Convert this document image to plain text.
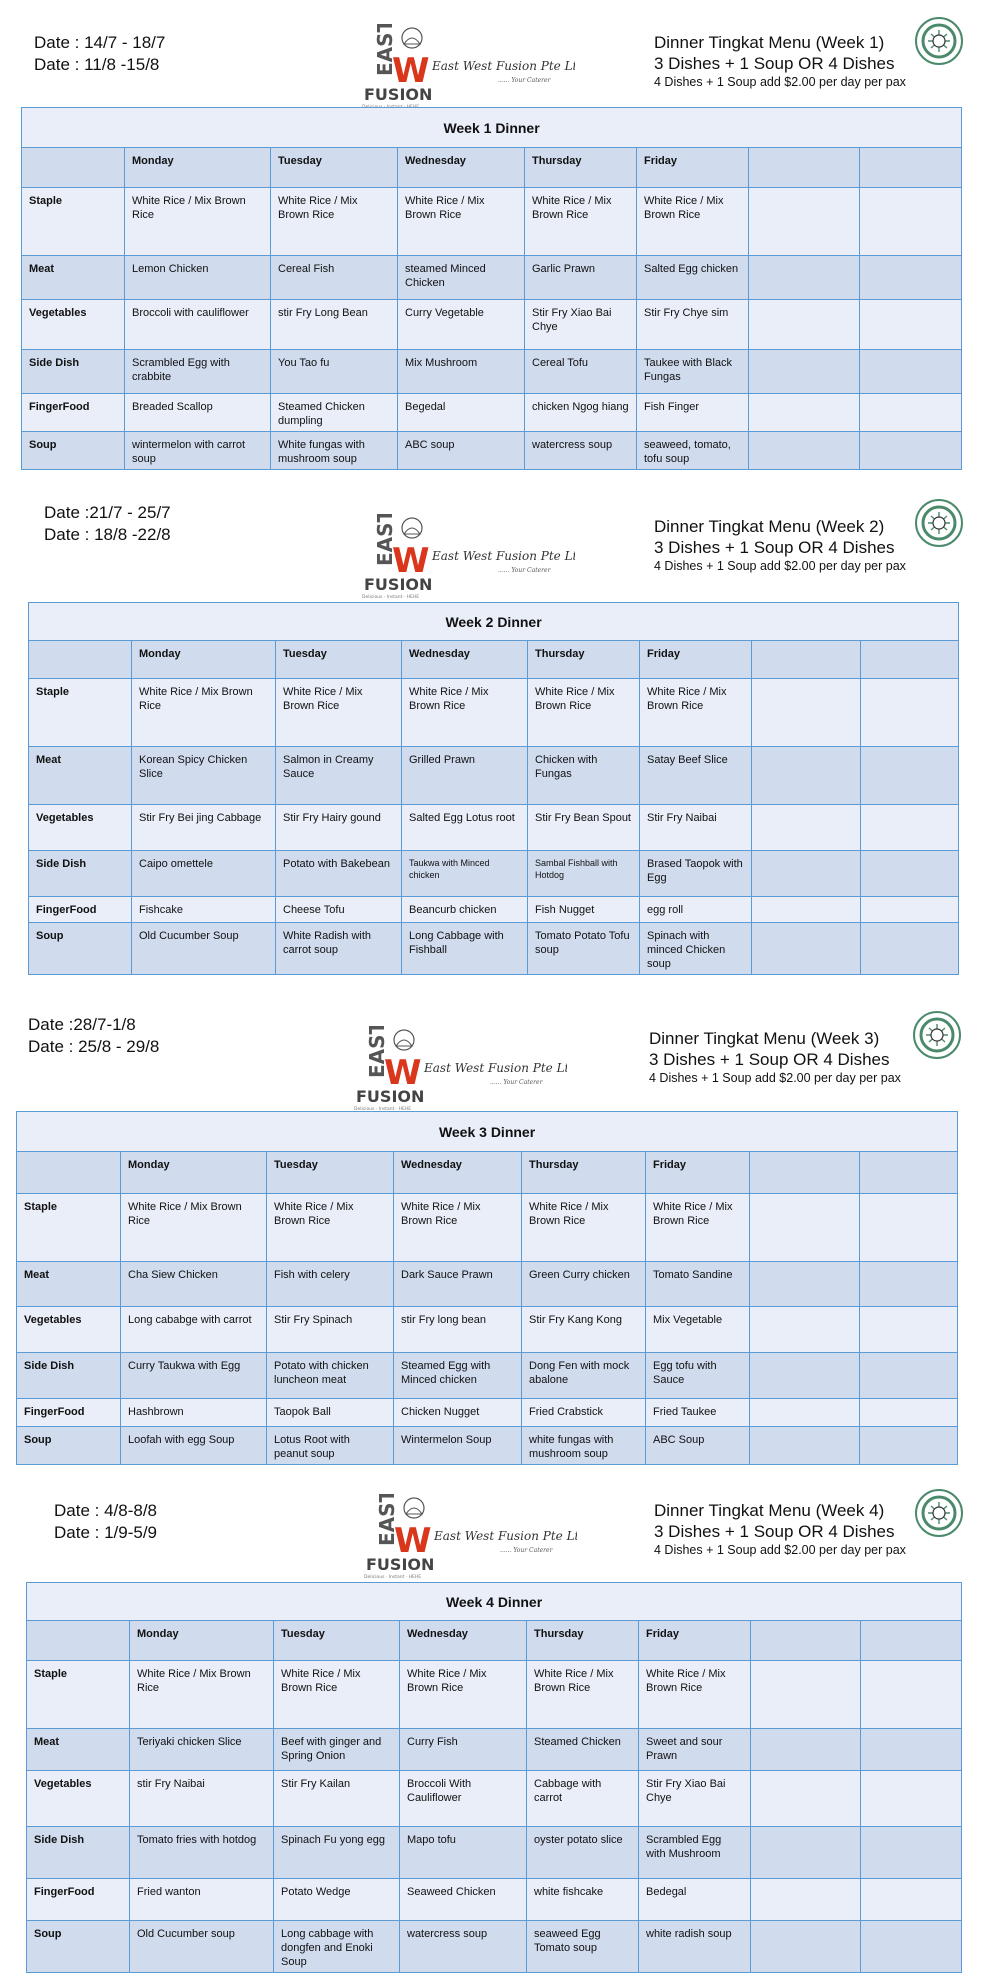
Date : 14/7 - 18/7
Date : 11/8 -15/8	EAST
W
FUSION
East West Fusion Pte Ltd
...... Your Caterer
Dinner Tingkat Menu (Week 1)
3 Dishes + 1 Soup OR 4 Dishes
4 Dishes + 1 Soup add $2.00 per day per pax
Week 1 Dinner							
	Monday	Tuesday	Wednesday	Thursday	Friday		
Staple	White Rice / Mix Brown Rice	White Rice / Mix Brown Rice	White Rice / Mix Brown Rice	White Rice / Mix Brown Rice	White Rice / Mix Brown Rice		
Meat	Lemon Chicken	Cereal Fish	steamed Minced Chicken	Garlic Prawn	Salted Egg chicken		
Vegetables	Broccoli with cauliflower	stir Fry Long Bean	Curry Vegetable	Stir Fry Xiao Bai Chye	Stir Fry Chye sim		
Side Dish	Scrambled Egg with crabbite	You Tao fu	Mix Mushroom	Cereal Tofu	Taukee with Black Fungas		
FingerFood	Breaded Scallop	Steamed Chicken dumpling	Begedal	chicken Ngog hiang	Fish Finger		
Soup	wintermelon with carrot soup	White fungas with mushroom soup	ABC soup	watercress soup	seaweed, tomato, tofu soup		
Date :21/7 - 25/7
Date : 18/8 -22/8	EAST
W
FUSION
East West Fusion Pte Ltd
...... Your Caterer
Delicious · Instant · HEHE
Dinner Tingkat Menu (Week 2)
3 Dishes + 1 Soup OR 4 Dishes
4 Dishes + 1 Soup add $2.00 per day per pax
Week 2 Dinner							
	Monday	Tuesday	Wednesday	Thursday	Friday		
Staple	White Rice / Mix Brown Rice	White Rice / Mix Brown Rice	White Rice / Mix Brown Rice	White Rice / Mix Brown Rice	White Rice / Mix Brown Rice		
Meat	Korean Spicy Chicken Slice	Salmon in Creamy Sauce	Grilled Prawn	Chicken with Fungas	Satay Beef Slice		
Vegetables	Stir Fry Bei jing Cabbage	Stir Fry Hairy gound	Salted Egg Lotus root	Stir Fry Bean Spout	Stir Fry Naibai		
Side Dish	Caipo omettele	Potato with Bakebean	Taukwa with Minced chicken	Sambal Fishball with Hotdog	Brased Taopok with Egg		
FingerFood	Fishcake	Cheese Tofu	Beancurb chicken	Fish Nugget	egg roll		
Soup	Old Cucumber Soup	White Radish with carrot soup	Long Cabbage with Fishball	Tomato Potato Tofu soup	Spinach with minced Chicken soup		
Date :28/7-1/8
Date : 25/8 - 29/8	EAST
W
FUSION
East West Fusion Pte Ltd
...... Your Caterer
Delicious · Instant · HEHE
Dinner Tingkat Menu (Week 3)
3 Dishes + 1 Soup OR 4 Dishes
4 Dishes + 1 Soup add $2.00 per day per pax
Week 3 Dinner							
	Monday	Tuesday	Wednesday	Thursday	Friday		
Staple	White Rice / Mix Brown Rice	White Rice / Mix Brown Rice	White Rice / Mix Brown Rice	White Rice / Mix Brown Rice	White Rice / Mix Brown Rice		
Meat	Cha Siew Chicken	Fish with celery	Dark Sauce Prawn	Green Curry chicken	Tomato Sandine		
Vegetables	Long cababge with carrot	Stir Fry Spinach	stir Fry long bean	Stir Fry Kang Kong	Mix Vegetable		
Side Dish	Curry Taukwa with Egg	Potato with chicken luncheon meat	Steamed Egg with Minced chicken	Dong Fen with mock abalone	Egg tofu with Sauce		
FingerFood	Hashbrown	Taopok Ball	Chicken Nugget	Fried Crabstick	Fried Taukee		
Soup	Loofah with egg Soup	Lotus Root with peanut soup	Wintermelon Soup	white fungas with mushroom soup	ABC Soup		
Date : 4/8-8/8
Date : 1/9-5/9	EAST
W
FUSION
East West Fusion Pte Ltd
...... Your Caterer
Delicious · Instant · HEHE
Dinner Tingkat Menu (Week 4)
3 Dishes + 1 Soup OR 4 Dishes
4 Dishes + 1 Soup add $2.00 per day per pax
Week 4 Dinner							
	Monday	Tuesday	Wednesday	Thursday	Friday		
Staple	White Rice / Mix Brown Rice	White Rice / Mix Brown Rice	White Rice / Mix Brown Rice	White Rice / Mix Brown Rice	White Rice / Mix Brown Rice		
Meat	Teriyaki chicken Slice	Beef with ginger and Spring Onion	Curry Fish	Steamed Chicken	Sweet and sour Prawn		
Vegetables	stir Fry Naibai	Stir Fry Kailan	Broccoli With Cauliflower	Cabbage with carrot	Stir Fry Xiao Bai Chye		
Side Dish	Tomato fries with hotdog	Spinach Fu yong egg	Mapo tofu	oyster potato slice	Scrambled Egg with Mushroom		
FingerFood	Fried wanton	Potato Wedge	Seaweed Chicken	white fishcake	Bedegal		
Soup	Old Cucumber soup	Long cabbage with dongfen and Enoki Soup	watercress soup	seaweed Egg Tomato soup	white radish soup		
